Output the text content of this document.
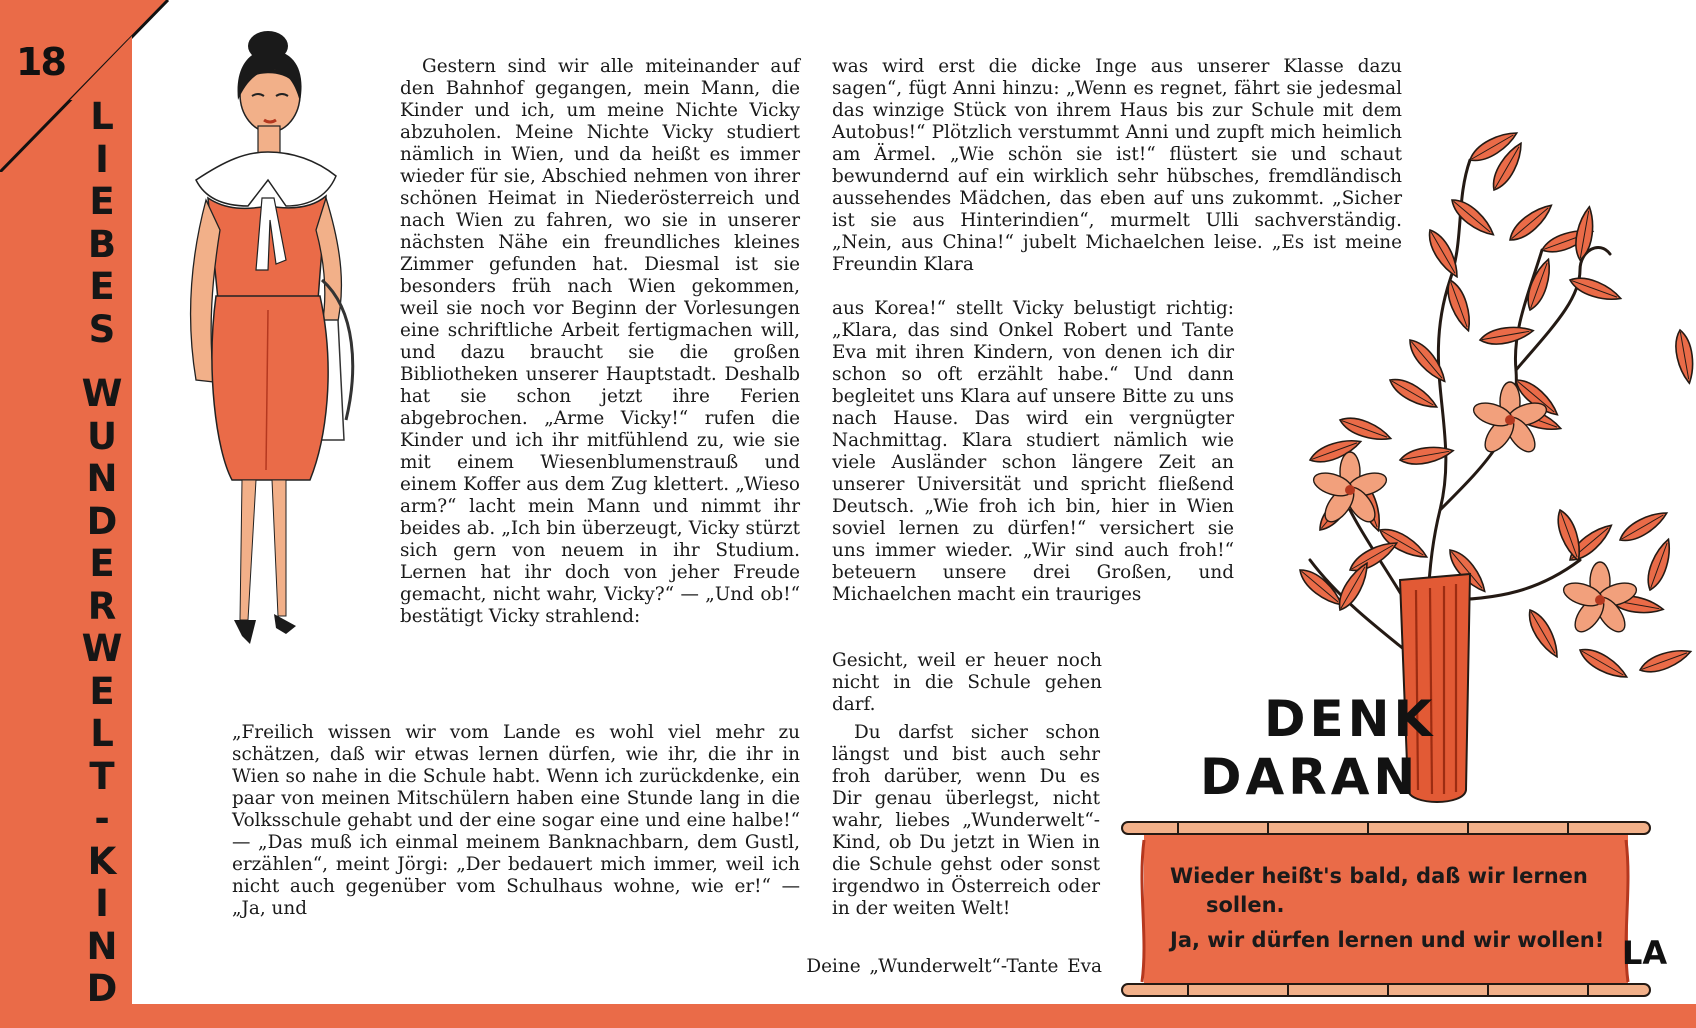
18
L
I
E
B
E
S

W
U
N
D
E
R
W
E
L
T
-
K
I
N
D

Gestern sind wir alle miteinander auf den Bahnhof gegangen, mein Mann, die Kinder und ich, um meine Nichte Vicky abzuholen. Meine Nichte Vicky studiert nämlich in Wien, und da heißt es immer wieder für sie, Abschied nehmen von ihrer schönen Heimat in Niederösterreich und nach Wien zu fahren, wo sie in unserer nächsten Nähe ein freundliches kleines Zimmer gefunden hat. Diesmal ist sie besonders früh nach Wien gekommen, weil sie noch vor Beginn der Vorlesungen eine schriftliche Arbeit fertigmachen will, und dazu braucht sie die großen Bibliotheken unserer Hauptstadt. Deshalb hat sie schon jetzt ihre Ferien abgebrochen. „Arme Vicky!“ rufen die Kinder und ich ihr mitfühlend zu, wie sie mit einem Wiesenblumenstrauß und einem Koffer aus dem Zug klettert. „Wieso arm?“ lacht mein Mann und nimmt ihr beides ab. „Ich bin überzeugt, Vicky stürzt sich gern von neuem in ihr Studium. Lernen hat ihr doch von jeher Freude gemacht, nicht wahr, Vicky?“ — „Und ob!“ bestätigt Vicky strahlend:

„Freilich wissen wir vom Lande es wohl viel mehr zu schätzen, daß wir etwas lernen dürfen, wie ihr, die ihr in Wien so nahe in die Schule habt. Wenn ich zurückdenke, ein paar von meinen Mitschülern haben eine Stunde lang in die Volksschule gehabt und der eine sogar eine und eine halbe!“ — „Das muß ich einmal meinem Banknachbarn, dem Gustl, erzählen“, meint Jörgi: „Der bedauert mich immer, weil ich nicht auch gegenüber vom Schulhaus wohne, wie er!“ — „Ja, und

was wird erst die dicke Inge aus unserer Klasse dazu sagen“, fügt Anni hinzu: „Wenn es regnet, fährt sie jedesmal das winzige Stück von ihrem Haus bis zur Schule mit dem Autobus!“ Plötzlich verstummt Anni und zupft mich heimlich am Ärmel. „Wie schön sie ist!“ flüstert sie und schaut bewundernd auf ein wirklich sehr hübsches, fremdländisch aussehendes Mädchen, das eben auf uns zukommt. „Sicher ist sie aus Hinterindien“, murmelt Ulli sachverständig. „Nein, aus China!“ jubelt Michaelchen leise. „Es ist meine Freundin Klara

aus Korea!“ stellt Vicky belustigt richtig: „Klara, das sind Onkel Robert und Tante Eva mit ihren Kindern, von denen ich dir schon so oft erzählt habe.“ Und dann begleitet uns Klara auf unsere Bitte zu uns nach Hause. Das wird ein vergnügter Nachmittag. Klara studiert nämlich wie viele Ausländer schon längere Zeit an unserer Universität und spricht fließend Deutsch. „Wie froh ich bin, hier in Wien soviel lernen zu dürfen!“ versichert sie uns immer wieder. „Wir sind auch froh!“ beteuern unsere drei Großen, und Michaelchen macht ein trauriges

Gesicht, weil er heuer noch nicht in die Schule gehen darf.

Du darfst sicher schon längst und bist auch sehr froh darüber, wenn Du es Dir genau überlegst, nicht wahr, liebes „Wunderwelt“-Kind, ob Du jetzt in Wien in die Schule gehst oder sonst irgendwo in Österreich oder in der weiten Welt!

Deine „Wunderwelt“-Tante Eva
DENK
DARAN
Wieder heißt's bald, daß wir lernen
sollen.
Ja, wir dürfen lernen und wir wollen! LA
